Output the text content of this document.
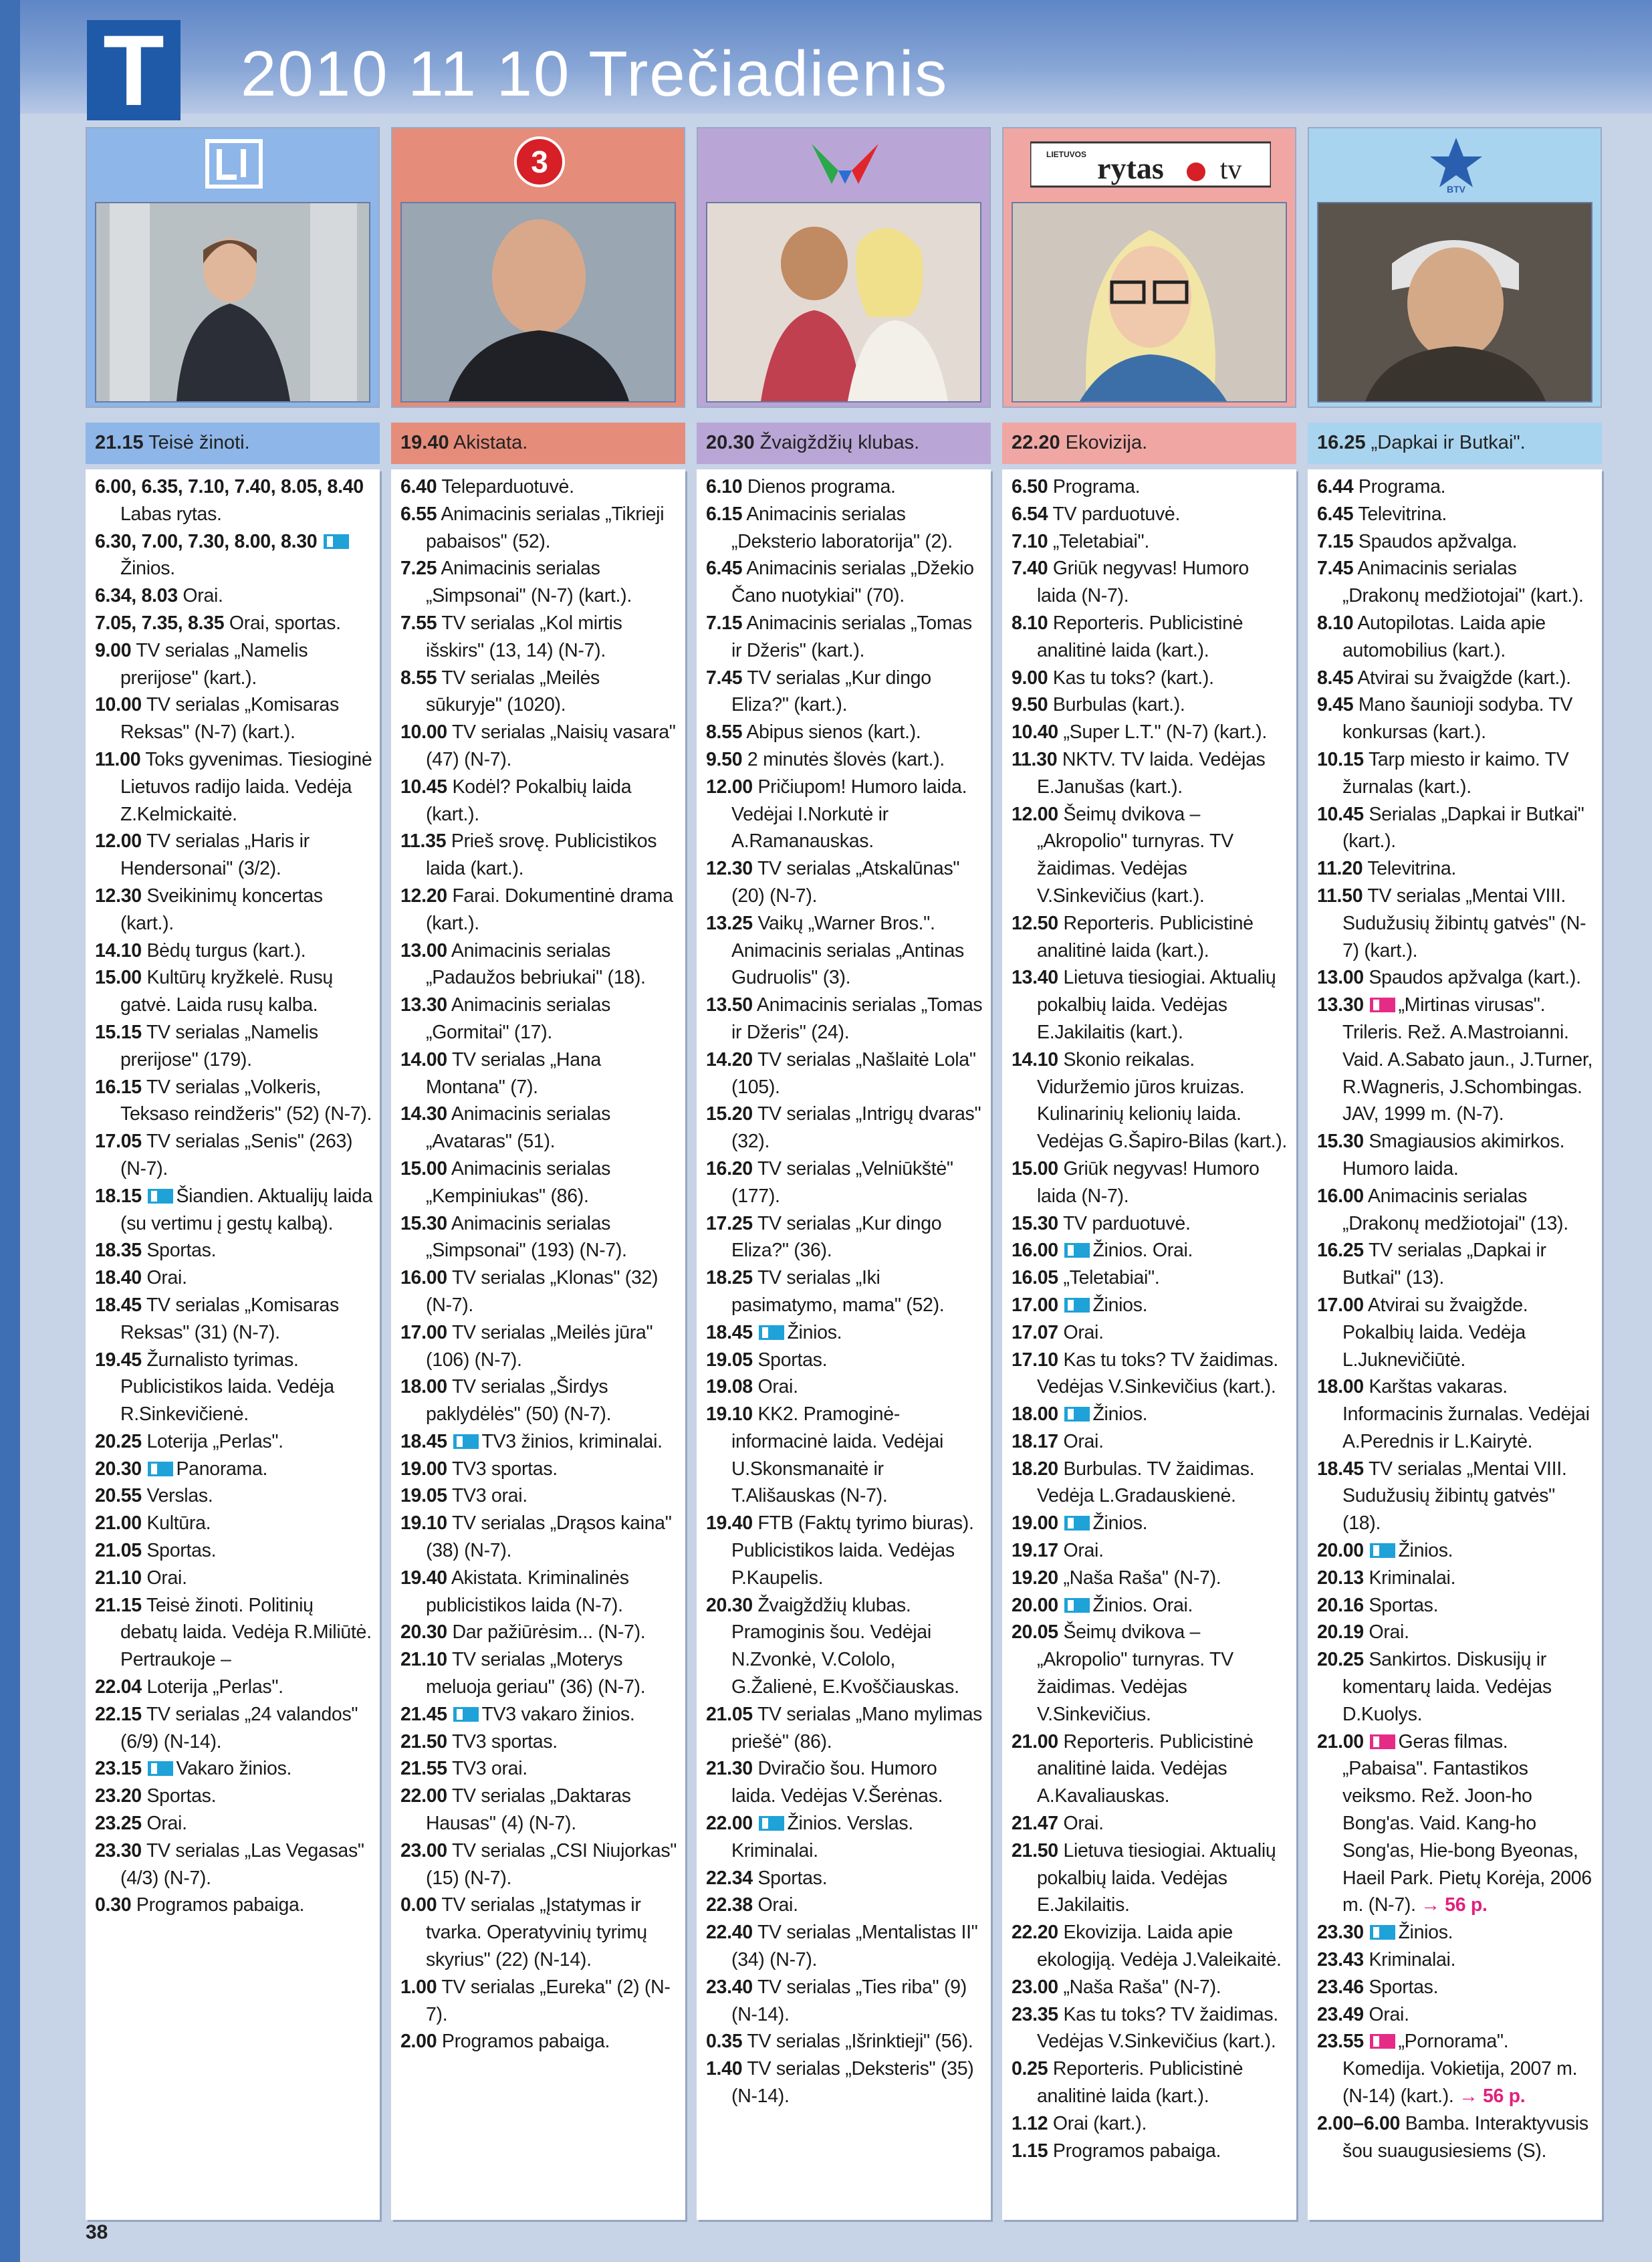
T 2010 11 10 Trečiadienis
21.15 Teisė žinoti.
6.00, 6.35, 7.10, 7.40, 8.05, 8.40 Labas rytas.
6.30, 7.00, 7.30, 8.00, 8.30 Žinios.
6.34, 8.03 Orai.
7.05, 7.35, 8.35 Orai, sportas.
9.00 TV serialas „Namelis prerijose" (kart.).
10.00 TV serialas „Komisaras Reksas" (N-7) (kart.).
11.00 Toks gyvenimas. Tiesioginė Lietuvos radijo laida. Vedėja Z.Kelmickaitė.
12.00 TV serialas „Haris ir Hendersonai" (3/2).
12.30 Sveikinimų koncertas (kart.).
14.10 Bėdų turgus (kart.).
15.00 Kultūrų kryžkelė. Rusų gatvė. Laida rusų kalba.
15.15 TV serialas „Namelis prerijose" (179).
16.15 TV serialas „Volkeris, Teksaso reindžeris" (52) (N-7).
17.05 TV serialas „Senis" (263) (N-7).
18.15 Šiandien. Aktualijų laida (su vertimu į gestų kalbą).
18.35 Sportas.
18.40 Orai.
18.45 TV serialas „Komisaras Reksas" (31) (N-7).
19.45 Žurnalisto tyrimas. Publicistikos laida. Vedėja R.Sinkevičienė.
20.25 Loterija „Perlas".
20.30 Panorama.
20.55 Verslas.
21.00 Kultūra.
21.05 Sportas.
21.10 Orai.
21.15 Teisė žinoti. Politinių debatų laida. Vedėja R.Miliūtė. Pertraukoje –
22.04 Loterija „Perlas".
22.15 TV serialas „24 valandos" (6/9) (N-14).
23.15 Vakaro žinios.
23.20 Sportas.
23.25 Orai.
23.30 TV serialas „Las Vegasas" (4/3) (N-7).
0.30 Programos pabaiga.
3
19.40 Akistata.
6.40 Teleparduotuvė.
6.55 Animacinis serialas „Tikrieji pabaisos" (52).
7.25 Animacinis serialas „Simpsonai" (N-7) (kart.).
7.55 TV serialas „Kol mirtis išskirs" (13, 14) (N-7).
8.55 TV serialas „Meilės sūkuryje" (1020).
10.00 TV serialas „Naisių vasara" (47) (N-7).
10.45 Kodėl? Pokalbių laida (kart.).
11.35 Prieš srovę. Publicistikos laida (kart.).
12.20 Farai. Dokumentinė drama (kart.).
13.00 Animacinis serialas „Padaužos bebriukai" (18).
13.30 Animacinis serialas „Gormitai" (17).
14.00 TV serialas „Hana Montana" (7).
14.30 Animacinis serialas „Avataras" (51).
15.00 Animacinis serialas „Kempiniukas" (86).
15.30 Animacinis serialas „Simpsonai" (193) (N-7).
16.00 TV serialas „Klonas" (32) (N-7).
17.00 TV serialas „Meilės jūra" (106) (N-7).
18.00 TV serialas „Širdys paklydėlės" (50) (N-7).
18.45 TV3 žinios, kriminalai.
19.00 TV3 sportas.
19.05 TV3 orai.
19.10 TV serialas „Drąsos kaina" (38) (N-7).
19.40 Akistata. Kriminalinės publicistikos laida (N-7).
20.30 Dar pažiūrėsim... (N-7).
21.10 TV serialas „Moterys meluoja geriau" (36) (N-7).
21.45 TV3 vakaro žinios.
21.50 TV3 sportas.
21.55 TV3 orai.
22.00 TV serialas „Daktaras Hausas" (4) (N-7).
23.00 TV serialas „CSI Niujorkas" (15) (N-7).
0.00 TV serialas „Įstatymas ir tvarka. Operatyvinių tyrimų skyrius" (22) (N-14).
1.00 TV serialas „Eureka" (2) (N-7).
2.00 Programos pabaiga.
20.30 Žvaigždžių klubas.
6.10 Dienos programa.
6.15 Animacinis serialas „Deksterio laboratorija" (2).
6.45 Animacinis serialas „Džekio Čano nuotykiai" (70).
7.15 Animacinis serialas „Tomas ir Džeris" (kart.).
7.45 TV serialas „Kur dingo Eliza?" (kart.).
8.55 Abipus sienos (kart.).
9.50 2 minutės šlovės (kart.).
12.00 Pričiupom! Humoro laida. Vedėjai I.Norkutė ir A.Ramanauskas.
12.30 TV serialas „Atskalūnas" (20) (N-7).
13.25 Vaikų „Warner Bros.". Animacinis serialas „Antinas Gudruolis" (3).
13.50 Animacinis serialas „Tomas ir Džeris" (24).
14.20 TV serialas „Našlaitė Lola" (105).
15.20 TV serialas „Intrigų dvaras" (32).
16.20 TV serialas „Velniūkštė" (177).
17.25 TV serialas „Kur dingo Eliza?" (36).
18.25 TV serialas „Iki pasimatymo, mama" (52).
18.45 Žinios.
19.05 Sportas.
19.08 Orai.
19.10 KK2. Pramoginė-informacinė laida. Vedėjai U.Skonsmanaitė ir T.Ališauskas (N-7).
19.40 FTB (Faktų tyrimo biuras). Publicistikos laida. Vedėjas P.Kaupelis.
20.30 Žvaigždžių klubas. Pramoginis šou. Vedėjai N.Zvonkė, V.Cololo, G.Žalienė, E.Kvoščiauskas.
21.05 TV serialas „Mano mylimas priešė" (86).
21.30 Dviračio šou. Humoro laida. Vedėjas V.Šerėnas.
22.00 Žinios. Verslas. Kriminalai.
22.34 Sportas.
22.38 Orai.
22.40 TV serialas „Mentalistas II" (34) (N-7).
23.40 TV serialas „Ties riba" (9) (N-14).
0.35 TV serialas „Išrinktieji" (56).
1.40 TV serialas „Deksteris" (35) (N-14).
LIETUVOS rytas tv
22.20 Ekovizija.
6.50 Programa.
6.54 TV parduotuvė.
7.10 „Teletabiai".
7.40 Griūk negyvas! Humoro laida (N-7).
8.10 Reporteris. Publicistinė analitinė laida (kart.).
9.00 Kas tu toks? (kart.).
9.50 Burbulas (kart.).
10.40 „Super L.T." (N-7) (kart.).
11.30 NKTV. TV laida. Vedėjas E.Janušas (kart.).
12.00 Šeimų dvikova – „Akropolio" turnyras. TV žaidimas. Vedėjas V.Sinkevičius (kart.).
12.50 Reporteris. Publicistinė analitinė laida (kart.).
13.40 Lietuva tiesiogiai. Aktualių pokalbių laida. Vedėjas E.Jakilaitis (kart.).
14.10 Skonio reikalas. Viduržemio jūros kruizas. Kulinarinių kelionių laida. Vedėjas G.Šapiro-Bilas (kart.).
15.00 Griūk negyvas! Humoro laida (N-7).
15.30 TV parduotuvė.
16.00 Žinios. Orai.
16.05 „Teletabiai".
17.00 Žinios.
17.07 Orai.
17.10 Kas tu toks? TV žaidimas. Vedėjas V.Sinkevičius (kart.).
18.00 Žinios.
18.17 Orai.
18.20 Burbulas. TV žaidimas. Vedėja L.Gradauskienė.
19.00 Žinios.
19.17 Orai.
19.20 „Naša Raša" (N-7).
20.00 Žinios. Orai.
20.05 Šeimų dvikova – „Akropolio" turnyras. TV žaidimas. Vedėjas V.Sinkevičius.
21.00 Reporteris. Publicistinė analitinė laida. Vedėjas A.Kavaliauskas.
21.47 Orai.
21.50 Lietuva tiesiogiai. Aktualių pokalbių laida. Vedėjas E.Jakilaitis.
22.20 Ekovizija. Laida apie ekologiją. Vedėja J.Valeikaitė.
23.00 „Naša Raša" (N-7).
23.35 Kas tu toks? TV žaidimas. Vedėjas V.Sinkevičius (kart.).
0.25 Reporteris. Publicistinė analitinė laida (kart.).
1.12 Orai (kart.).
1.15 Programos pabaiga.
BTV
16.25 „Dapkai ir Butkai".
6.44 Programa.
6.45 Televitrina.
7.15 Spaudos apžvalga.
7.45 Animacinis serialas „Drakonų medžiotojai" (kart.).
8.10 Autopilotas. Laida apie automobilius (kart.).
8.45 Atvirai su žvaigžde (kart.).
9.45 Mano šaunioji sodyba. TV konkursas (kart.).
10.15 Tarp miesto ir kaimo. TV žurnalas (kart.).
10.45 Serialas „Dapkai ir Butkai" (kart.).
11.20 Televitrina.
11.50 TV serialas „Mentai VIII. Sudužusių žibintų gatvės" (N-7) (kart.).
13.00 Spaudos apžvalga (kart.).
13.30 „Mirtinas virusas". Trileris. Rež. A.Mastroianni. Vaid. A.Sabato jaun., J.Turner, R.Wagneris, J.Schombingas. JAV, 1999 m. (N-7).
15.30 Smagiausios akimirkos. Humoro laida.
16.00 Animacinis serialas „Drakonų medžiotojai" (13).
16.25 TV serialas „Dapkai ir Butkai" (13).
17.00 Atvirai su žvaigžde. Pokalbių laida. Vedėja L.Juknevičiūtė.
18.00 Karštas vakaras. Informacinis žurnalas. Vedėjai A.Perednis ir L.Kairytė.
18.45 TV serialas „Mentai VIII. Sudužusių žibintų gatvės" (18).
20.00 Žinios.
20.13 Kriminalai.
20.16 Sportas.
20.19 Orai.
20.25 Sankirtos. Diskusijų ir komentarų laida. Vedėjas D.Kuolys.
21.00 Geras filmas. „Pabaisa". Fantastikos veiksmo. Rež. Joon-ho Bong'as. Vaid. Kang-ho Song'as, Hie-bong Byeonas, Haeil Park. Pietų Korėja, 2006 m. (N-7). → 56 p.
23.30 Žinios.
23.43 Kriminalai.
23.46 Sportas.
23.49 Orai.
23.55 „Pornorama". Komedija. Vokietija, 2007 m. (N-14) (kart.). → 56 p.
2.00–6.00 Bamba. Interaktyvusis šou suaugusiesiems (S).
38
